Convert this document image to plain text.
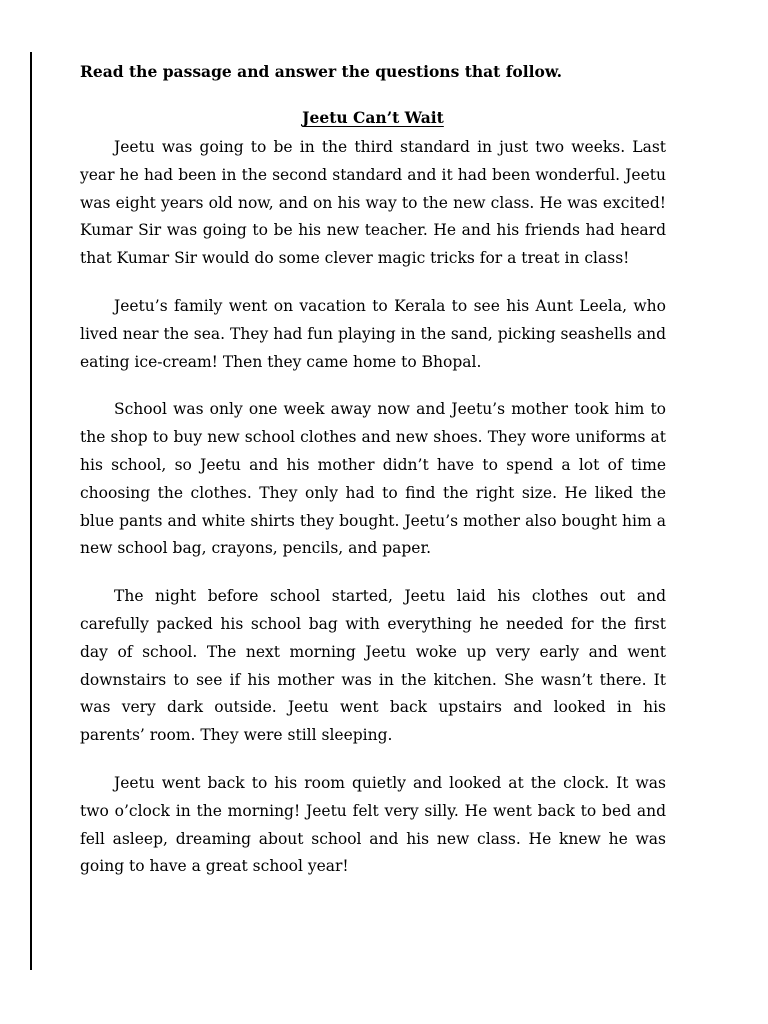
Read the passage and answer the questions that follow.

Jeetu Can’t Wait

Jeetu was going to be in the third standard in just two weeks. Last year he had been in the second standard and it had been wonderful. Jeetu was eight years old now, and on his way to the new class. He was excited! Kumar Sir was going to be his new teacher. He and his friends had heard that Kumar Sir would do some clever magic tricks for a treat in class!

Jeetu’s family went on vacation to Kerala to see his Aunt Leela, who lived near the sea. They had fun playing in the sand, picking seashells and eating ice-cream! Then they came home to Bhopal.

School was only one week away now and Jeetu’s mother took him to the shop to buy new school clothes and new shoes. They wore uniforms at his school, so Jeetu and his mother didn’t have to spend a lot of time choosing the clothes. They only had to find the right size. He liked the blue pants and white shirts they bought. Jeetu’s mother also bought him a new school bag, crayons, pencils, and paper.

The night before school started, Jeetu laid his clothes out and carefully packed his school bag with everything he needed for the first day of school. The next morning Jeetu woke up very early and went downstairs to see if his mother was in the kitchen. She wasn’t there. It was very dark outside. Jeetu went back upstairs and looked in his parents’ room. They were still sleeping.

Jeetu went back to his room quietly and looked at the clock. It was two o’clock in the morning! Jeetu felt very silly. He went back to bed and fell asleep, dreaming about school and his new class. He knew he was going to have a great school year!
